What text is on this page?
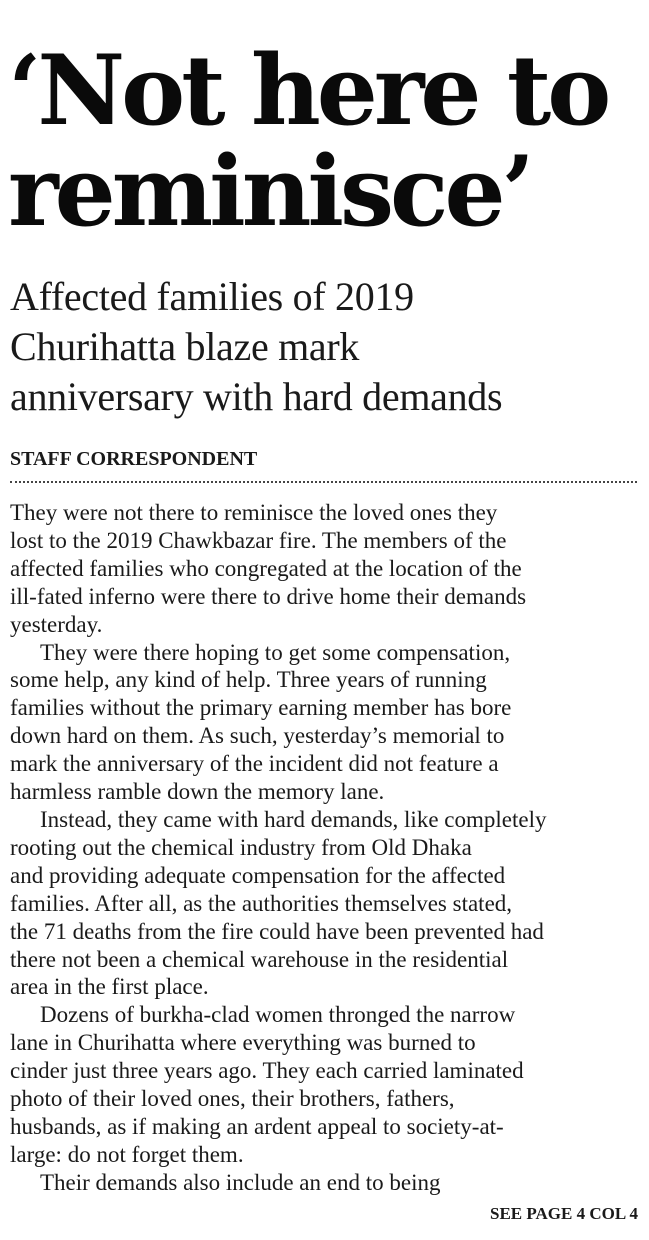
‘Not here to
reminisce’
Affected families of 2019
Churihatta blaze mark
anniversary with hard demands

STAFF CORRESPONDENT

They were not there to reminisce the loved ones they
lost to the 2019 Chawkbazar fire. The members of the
affected families who congregated at the location of the
ill-fated inferno were there to drive home their demands
yesterday.
They were there hoping to get some compensation,
some help, any kind of help. Three years of running
families without the primary earning member has bore
down hard on them. As such, yesterday’s memorial to
mark the anniversary of the incident did not feature a
harmless ramble down the memory lane.
Instead, they came with hard demands, like completely
rooting out the chemical industry from Old Dhaka
and providing adequate compensation for the affected
families. After all, as the authorities themselves stated,
the 71 deaths from the fire could have been prevented had
there not been a chemical warehouse in the residential
area in the first place.
Dozens of burkha-clad women thronged the narrow
lane in Churihatta where everything was burned to
cinder just three years ago. They each carried laminated
photo of their loved ones, their brothers, fathers,
husbands, as if making an ardent appeal to society-at-
large: do not forget them.
Their demands also include an end to being

SEE PAGE 4 COL 4
